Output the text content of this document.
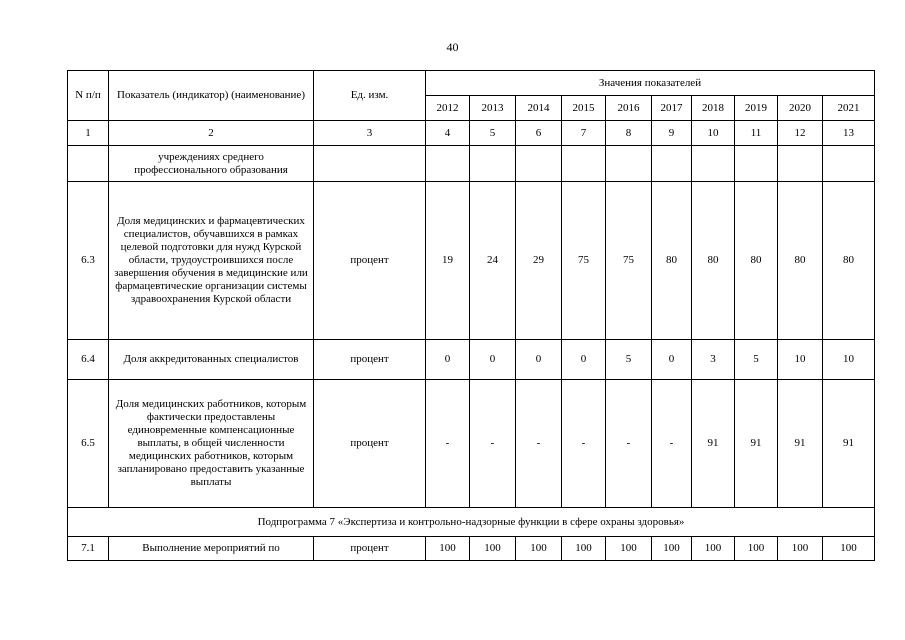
40
N п/п	Показатель (индикатор) (наименование)	Ед. изм.	Значения показателей									
			2012	2013	2014	2015	2016	2017	2018	2019	2020	2021
1	2	3	4	5	6	7	8	9	10	11	12	13
	учреждениях среднего профессионального образования											
6.3	Доля медицинских и фармацевтических специалистов, обучавшихся в рамках целевой подготовки для нужд Курской области, трудоустроившихся после завершения обучения в медицинские или фармацевтические организации системы здравоохранения Курской области	процент	19	24	29	75	75	80	80	80	80	80
6.4	Доля аккредитованных специалистов	процент	0	0	0	0	5	0	3	5	10	10
6.5	Доля медицинских работников, которым фактически предоставлены единовременные компенсационные выплаты, в общей численности медицинских работников, которым запланировано предоставить указанные выплаты	процент	-	-	-	-	-	-	91	91	91	91
Подпрограмма 7 «Экспертиза и контрольно-надзорные функции в сфере охраны здоровья»												
7.1	Выполнение мероприятий по	процент	100	100	100	100	100	100	100	100	100	100
